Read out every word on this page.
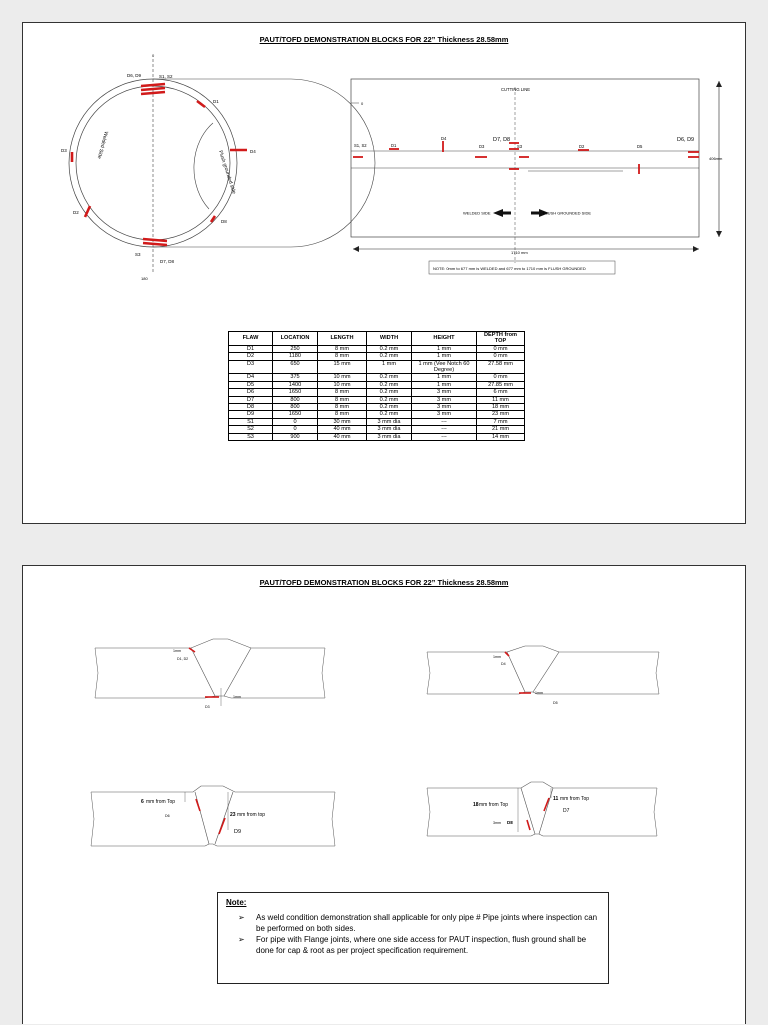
PAUT/TOFD DEMONSTRATION BLOCKS FOR 22” Thickness 28.58mm
0
D6, D9	S1, S2
D1
D3	D4
D2
D8
S3
D7, D8
180
Flush grounded side
Welded Side
CUTTING LINE
0
S1, S2	D1
D4
D3
D7, D8
S3	D2	D5
D6, D9
406mm
1710 mm
WELDED SIDE	FLUSH GROUNDED SIDE
NOTE: 0mm to 677 mm is WELDED and 677 mm to 1710 mm is FLUSH GROUNDED
FLAW	LOCATION	LENGTH	WIDTH	HEIGHT	DEPTH from TOP
D1	250	8 mm	0.2 mm	1 mm	0 mm
D2	1180	8 mm	0.2 mm	1 mm	0 mm
D3	650	15 mm	1 mm	1 mm (Vee Notch 60 Degree)	27.58 mm
D4	375	10 mm	0.2 mm	1 mm	0 mm
D5	1400	10 mm	0.2 mm	1 mm	27.85 mm
D6	1650	8 mm	0.2 mm	3 mm	6 mm
D7	800	8 mm	0.2 mm	3 mm	11 mm
D8	800	8 mm	0.2 mm	3 mm	18 mm
D9	1650	8 mm	0.2 mm	3 mm	23 mm
S1	0	30 mm	3 mm dia	---	7 mm
S2	0	40 mm	3 mm dia	---	21 mm
S3	900	40 mm	3 mm dia	---	14 mm
PAUT/TOFD DEMONSTRATION BLOCKS FOR 22” Thickness 28.58mm
1mm
D1, D2
1mm
D3
1mm
D4
1mm
D5
6 mm from Top
D6	23 mm from top
D9
18 mm from Top
11 mm from Top
D7
3mm D8
Note:
➢ As weld condition demonstration shall applicable for only pipe # Pipe joints where inspection can be performed on both sides.
➢ For pipe with Flange joints, where one side access for PAUT inspection, flush ground shall be done for cap & root as per project specification requirement.
